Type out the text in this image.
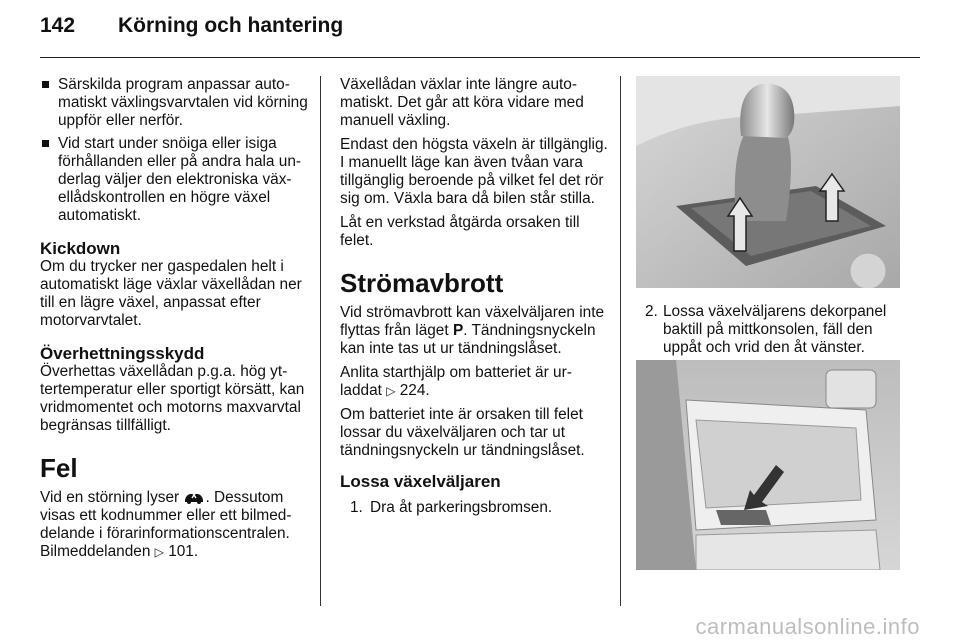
142 Körning och hantering
Särskilda program anpassar automatiskt växlingsvarvtalen vid körning uppför eller nerför.
Vid start under snöiga eller isiga förhållanden eller på andra hala underlag väljer den elektroniska växellådskontrollen en högre växel automatiskt.
Kickdown

Om du trycker ner gaspedalen helt i automatiskt läge växlar växellådan ner till en lägre växel, anpassat efter motorvarvtalet.

Överhettningsskydd

Överhettas växellådan p.g.a. hög yttertemperatur eller sportigt körsätt, kan vridmomentet och motorns maxvarvtal begränsas tillfälligt.

Fel

Vid en störning lyser . Dessutom visas ett kodnummer eller ett bilmeddelande i förarinformationscentralen. Bilmeddelanden ▷ 101.

Växellådan växlar inte längre automatiskt. Det går att köra vidare med manuell växling.

Endast den högsta växeln är tillgänglig. I manuellt läge kan även tvåan vara tillgänglig beroende på vilket fel det rör sig om. Växla bara då bilen står stilla.

Låt en verkstad åtgärda orsaken till felet.

Strömavbrott

Vid strömavbrott kan växelväljaren inte flyttas från läget P. Tändningsnyckeln kan inte tas ut ur tändningslåset.

Anlita starthjälp om batteriet är urladdat ▷ 224.

Om batteriet inte är orsaken till felet lossar du växelväljaren och tar ut tändningsnyckeln ur tändningslåset.

Lossa växelväljaren
1. Dra åt parkeringsbromsen.
2. Lossa växelväljarens dekorpanel baktill på mittkonsolen, fäll den uppåt och vrid den åt vänster.
carmanualsonline.info
